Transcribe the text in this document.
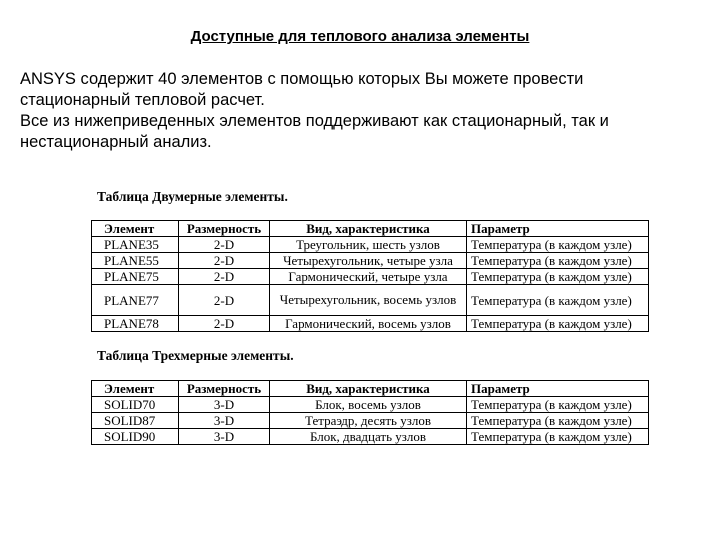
Доступные для теплового анализа элементы

ANSYS содержит 40 элементов с помощью которых Вы можете провести

стационарный тепловой расчет.

Все из нижеприведенных элементов поддерживают как стационарный, так и

нестационарный анализ.

Таблица Двумерные элементы.
Элемент	Размерность	Вид, характеристика	Параметр
PLANE35	2-D	Треугольник, шесть узлов	Температура (в каждом узле)
PLANE55	2-D	Четырехугольник, четыре узла	Температура (в каждом узле)
PLANE75	2-D	Гармонический, четыре узла	Температура (в каждом узле)
PLANE77	2-D	Четырехугольник, восемь узлов	Температура (в каждом узле)
PLANE78	2-D	Гармонический, восемь узлов	Температура (в каждом узле)
Таблица Трехмерные элементы.
Элемент	Размерность	Вид, характеристика	Параметр
SOLID70	3-D	Блок, восемь узлов	Температура (в каждом узле)
SOLID87	3-D	Тетраэдр, десять узлов	Температура (в каждом узле)
SOLID90	3-D	Блок, двадцать узлов	Температура (в каждом узле)
